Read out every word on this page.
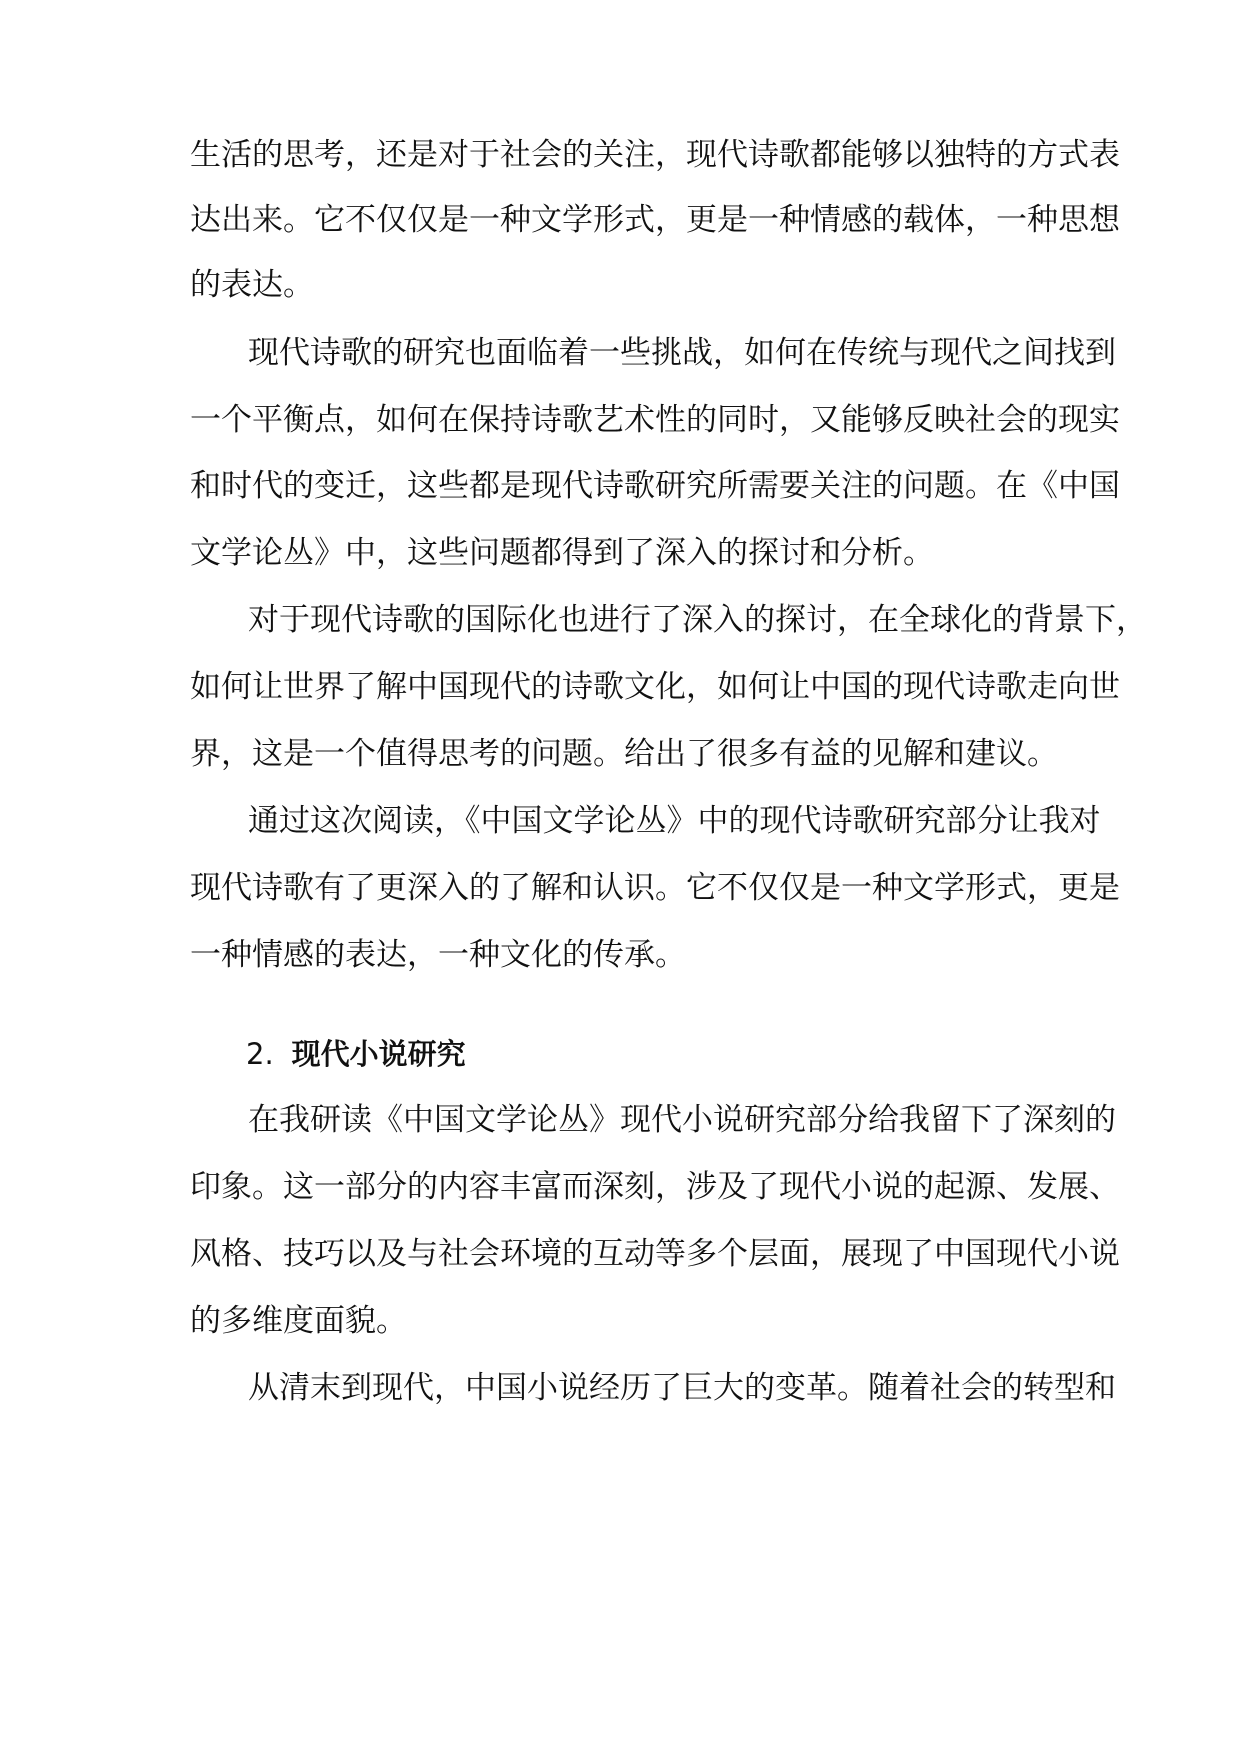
生活的思考，还是对于社会的关注，现代诗歌都能够以独特的方式表
达出来。它不仅仅是一种文学形式，更是一种情感的载体，一种思想
的表达。
现代诗歌的研究也面临着一些挑战，如何在传统与现代之间找到
一个平衡点，如何在保持诗歌艺术性的同时，又能够反映社会的现实
和时代的变迁，这些都是现代诗歌研究所需要关注的问题。在《中国
文学论丛》中，这些问题都得到了深入的探讨和分析。
对于现代诗歌的国际化也进行了深入的探讨，在全球化的背景下，
如何让世界了解中国现代的诗歌文化，如何让中国的现代诗歌走向世
界，这是一个值得思考的问题。给出了很多有益的见解和建议。
通过这次阅读，《中国文学论丛》中的现代诗歌研究部分让我对
现代诗歌有了更深入的了解和认识。它不仅仅是一种文学形式，更是
一种情感的表达，一种文化的传承。
2. 现代小说研究
在我研读《中国文学论丛》现代小说研究部分给我留下了深刻的
印象。这一部分的内容丰富而深刻，涉及了现代小说的起源、发展、
风格、技巧以及与社会环境的互动等多个层面，展现了中国现代小说
的多维度面貌。
从清末到现代，中国小说经历了巨大的变革。随着社会的转型和
